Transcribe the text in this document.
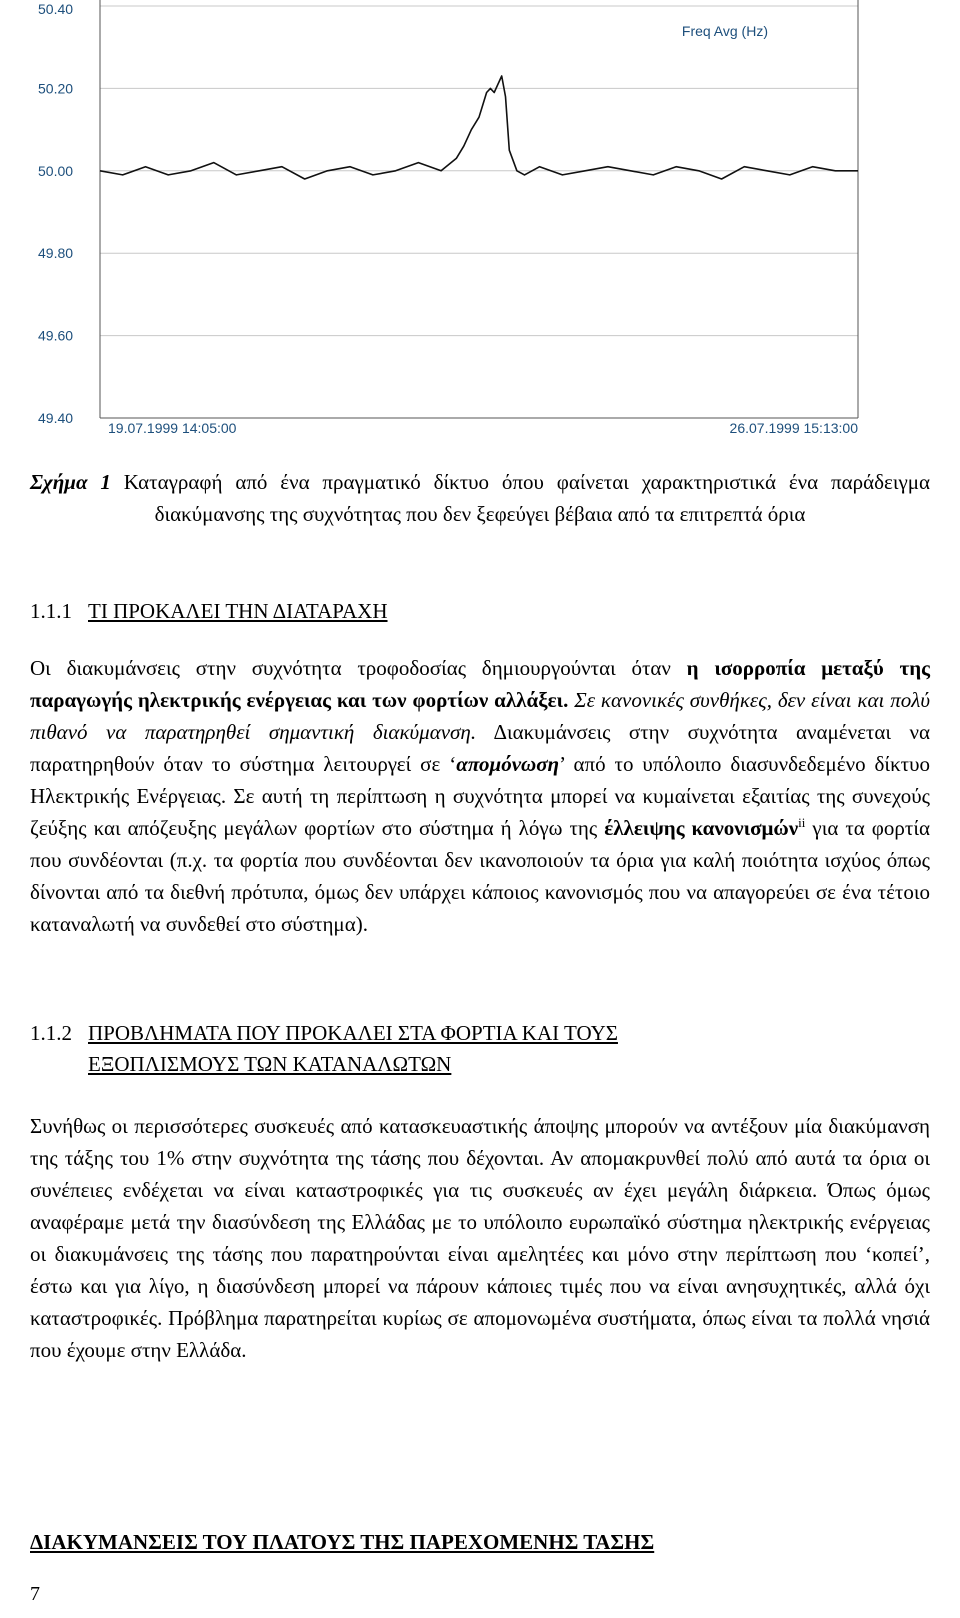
50.40
50.20
50.00
49.80
49.60
49.40
Freq Avg (Hz)
19.07.1999 14:05:00	26.07.1999 15:13:00
Σχήμα 1 Καταγραφή από ένα πραγματικό δίκτυο όπου φαίνεται χαρακτηριστικά ένα παράδειγμα διακύμανσης της συχνότητας που δεν ξεφεύγει βέβαια από τα επιτρεπτά όρια
1.1.1 ΤΙ ΠΡΟΚΑΛΕΙ ΤΗΝ ΔΙΑΤΑΡΑΧΗ
Οι διακυμάνσεις στην συχνότητα τροφοδοσίας δημιουργούνται όταν η ισορροπία μεταξύ της παραγωγής ηλεκτρικής ενέργειας και των φορτίων αλλάξει. Σε κανονικές συνθήκες, δεν είναι και πολύ πιθανό να παρατηρηθεί σημαντική διακύμανση. Διακυμάνσεις στην συχνότητα αναμένεται να παρατηρηθούν όταν το σύστημα λειτουργεί σε ‘απομόνωση’ από το υπόλοιπο διασυνδεδεμένο δίκτυο Ηλεκτρικής Ενέργειας. Σε αυτή τη περίπτωση η συχνότητα μπορεί να κυμαίνεται εξαιτίας της συνεχούς ζεύξης και απόζευξης μεγάλων φορτίων στο σύστημα ή λόγω της έλλειψης κανονισμών$^{ii}$ για τα φορτία που συνδέονται (π.χ. τα φορτία που συνδέονται δεν ικανοποιούν τα όρια για καλή ποιότητα ισχύος όπως δίνονται από τα διεθνή πρότυπα, όμως δεν υπάρχει κάποιος κανονισμός που να απαγορεύει σε ένα τέτοιο καταναλωτή να συνδεθεί στο σύστημα).
1.1.2 ΠΡΟΒΛΗΜΑΤΑ ΠΟΥ ΠΡΟΚΑΛΕΙ ΣΤΑ ΦΟΡΤΙΑ ΚΑΙ ΤΟΥΣ
ΕΞΟΠΛΙΣΜΟΥΣ ΤΩΝ ΚΑΤΑΝΑΛΩΤΩΝ
Συνήθως οι περισσότερες συσκευές από κατασκευαστικής άποψης μπορούν να αντέξουν μία διακύμανση της τάξης του 1% στην συχνότητα της τάσης που δέχονται. Αν απομακρυνθεί πολύ από αυτά τα όρια οι συνέπειες ενδέχεται να είναι καταστροφικές για τις συσκευές αν έχει μεγάλη διάρκεια. Όπως όμως αναφέραμε μετά την διασύνδεση της Ελλάδας με το υπόλοιπο ευρωπαϊκό σύστημα ηλεκτρικής ενέργειας οι διακυμάνσεις της τάσης που παρατηρούνται είναι αμελητέες και μόνο στην περίπτωση που ‘κοπεί’, έστω και για λίγο, η διασύνδεση μπορεί να πάρουν κάποιες τιμές που να είναι ανησυχητικές, αλλά όχι καταστροφικές. Πρόβλημα παρατηρείται κυρίως σε απομονωμένα συστήματα, όπως είναι τα πολλά νησιά που έχουμε στην Ελλάδα.
ΔΙΑΚΥΜΑΝΣΕΙΣ ΤΟΥ ΠΛΑΤΟΥΣ ΤΗΣ ΠΑΡΕΧΟΜΕΝΗΣ ΤΑΣΗΣ
7
